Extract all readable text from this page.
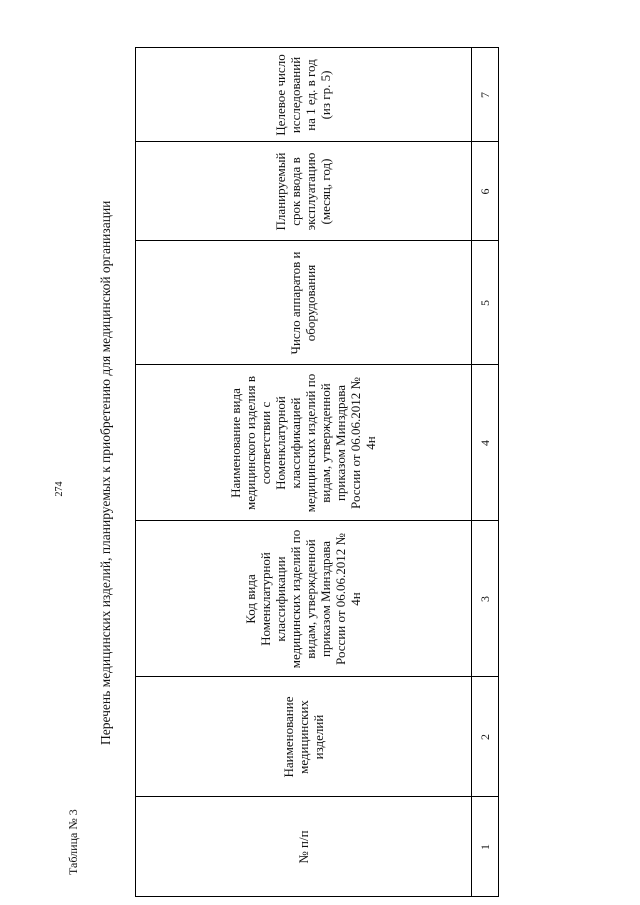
274
Таблица № 3
Перечень медицинских изделий, планируемых к приобретению для медицинской организации
№ п/п
Наименование медицинских изделий
Код вида Номенклатурной классификации медицинских изделий по видам, утвержденной приказом Минздрава России от 06.06.2012 № 4н
Наименование вида медицинского изделия в соответствии с Номенклатурной классификацией медицинских изделий по видам, утвержденной приказом Минздрава России от 06.06.2012 № 4н
Число аппаратов и оборудования
Планируемый срок ввода в эксплуатацию (месяц, год)
Целевое число исследований на 1 ед. в год (из гр. 5)
1
2
3
4
5
6
7
